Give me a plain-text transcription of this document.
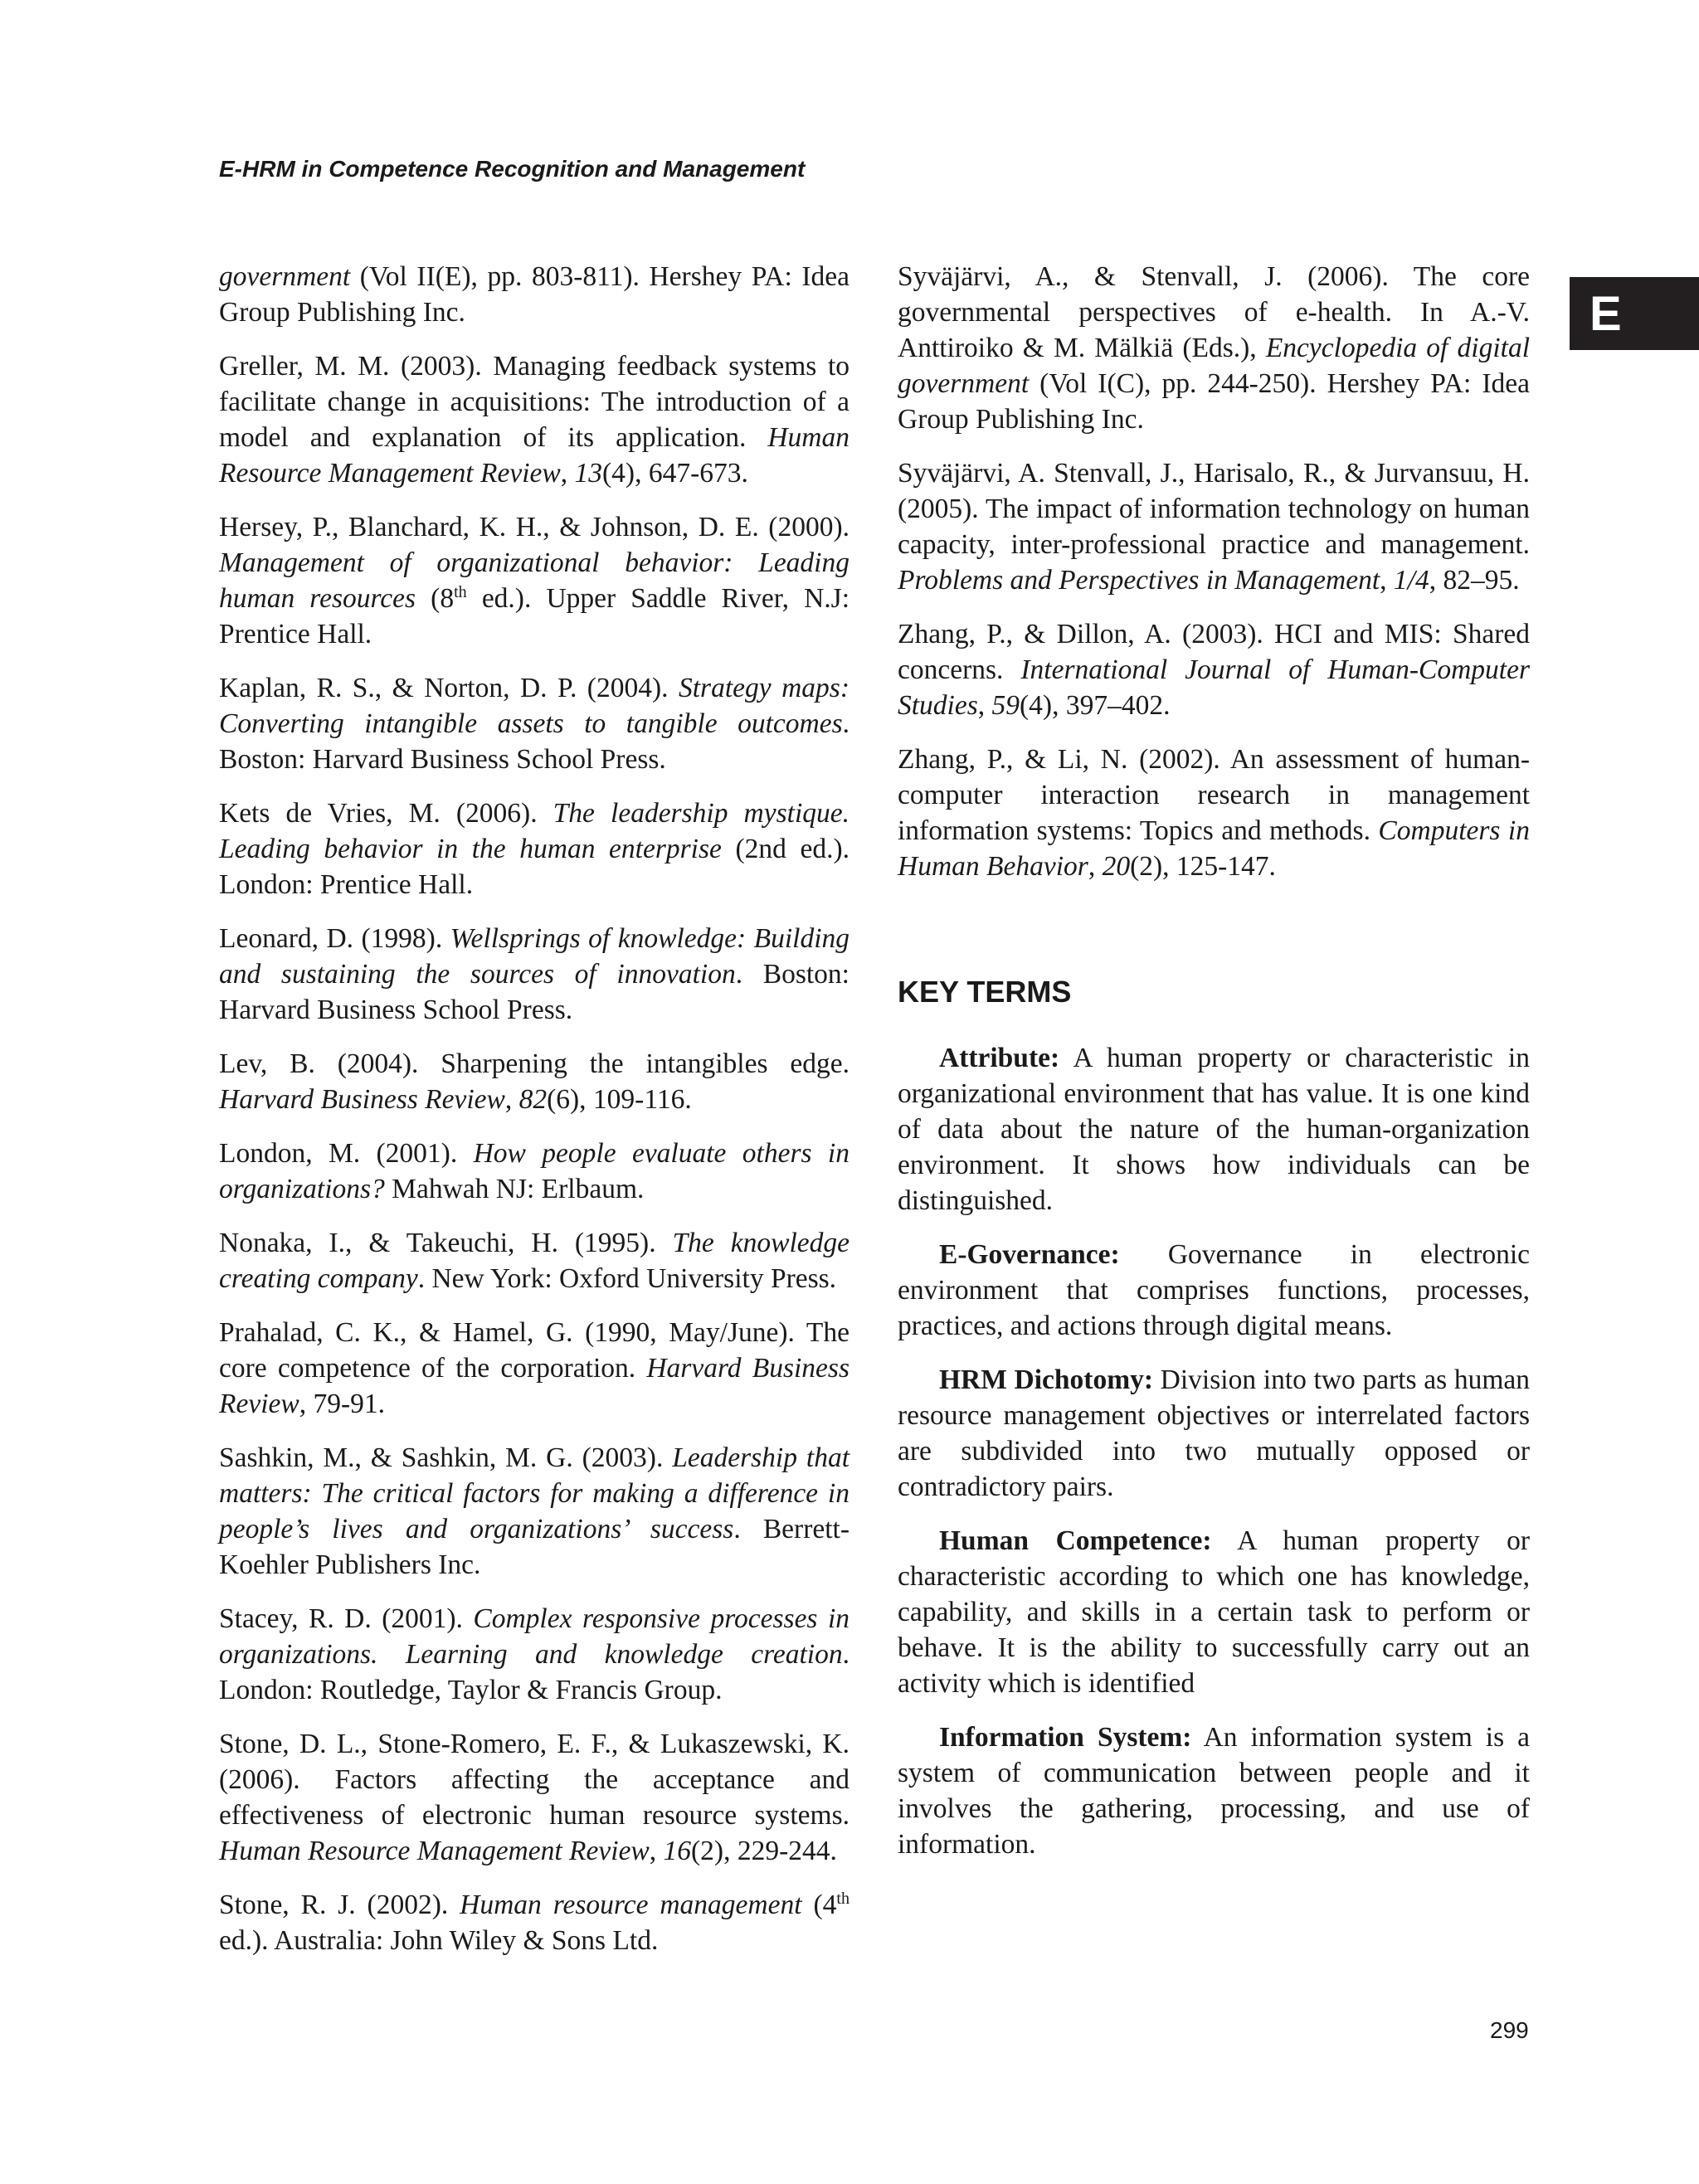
E-HRM in Competence Recognition and Management

E

government (Vol II(E), pp. 803-811). Hershey PA: Idea Group Publishing Inc.

Greller, M. M. (2003). Managing feedback systems to facilitate change in acquisitions: The introduction of a model and explanation of its application. Human Resource Management Review, 13(4), 647-673.

Hersey, P., Blanchard, K. H., & Johnson, D. E. (2000). Management of organizational behavior: Leading human resources (8th ed.). Upper Saddle River, N.J: Prentice Hall.

Kaplan, R. S., & Norton, D. P. (2004). Strategy maps: Converting intangible assets to tangible outcomes. Boston: Harvard Business School Press.

Kets de Vries, M. (2006). The leadership mystique. Leading behavior in the human enterprise (2nd ed.). London: Prentice Hall.

Leonard, D. (1998). Wellsprings of knowledge: Building and sustaining the sources of innovation. Boston: Harvard Business School Press.

Lev, B. (2004). Sharpening the intangibles edge. Harvard Business Review, 82(6), 109-116.

London, M. (2001). How people evaluate others in organizations? Mahwah NJ: Erlbaum.

Nonaka, I., & Takeuchi, H. (1995). The knowledge creating company. New York: Oxford University Press.

Prahalad, C. K., & Hamel, G. (1990, May/June). The core competence of the corporation. Harvard Business Review, 79-91.

Sashkin, M., & Sashkin, M. G. (2003). Leadership that matters: The critical factors for making a difference in people’s lives and organizations’ success. Berrett-Koehler Publishers Inc.

Stacey, R. D. (2001). Complex responsive processes in organizations. Learning and knowledge creation. London: Routledge, Taylor & Francis Group.

Stone, D. L., Stone-Romero, E. F., & Lukaszewski, K. (2006). Factors affecting the acceptance and effectiveness of electronic human resource systems. Human Resource Management Review, 16(2), 229-244.

Stone, R. J. (2002). Human resource management (4th ed.). Australia: John Wiley & Sons Ltd.

Syväjärvi, A., & Stenvall, J. (2006). The core governmental perspectives of e-health. In A.-V. Anttiroiko & M. Mälkiä (Eds.), Encyclopedia of digital government (Vol I(C), pp. 244-250). Hershey PA: Idea Group Publishing Inc.

Syväjärvi, A. Stenvall, J., Harisalo, R., & Jurvansuu, H. (2005). The impact of information technology on human capacity, inter-professional practice and management. Problems and Perspectives in Management, 1/4, 82–95.

Zhang, P., & Dillon, A. (2003). HCI and MIS: Shared concerns. International Journal of Human-Computer Studies, 59(4), 397–402.

Zhang, P., & Li, N. (2002). An assessment of human-computer interaction research in management information systems: Topics and methods. Computers in Human Behavior, 20(2), 125-147.

KEY TERMS

Attribute: A human property or characteristic in organizational environment that has value. It is one kind of data about the nature of the human-organization environment. It shows how individuals can be distinguished.

E-Governance: Governance in electronic environment that comprises functions, processes, practices, and actions through digital means.

HRM Dichotomy: Division into two parts as human resource management objectives or interrelated factors are subdivided into two mutually opposed or contradictory pairs.

Human Competence: A human property or characteristic according to which one has knowledge, capability, and skills in a certain task to perform or behave. It is the ability to successfully carry out an activity which is identified

Information System: An information system is a system of communication between people and it involves the gathering, processing, and use of information.

299
